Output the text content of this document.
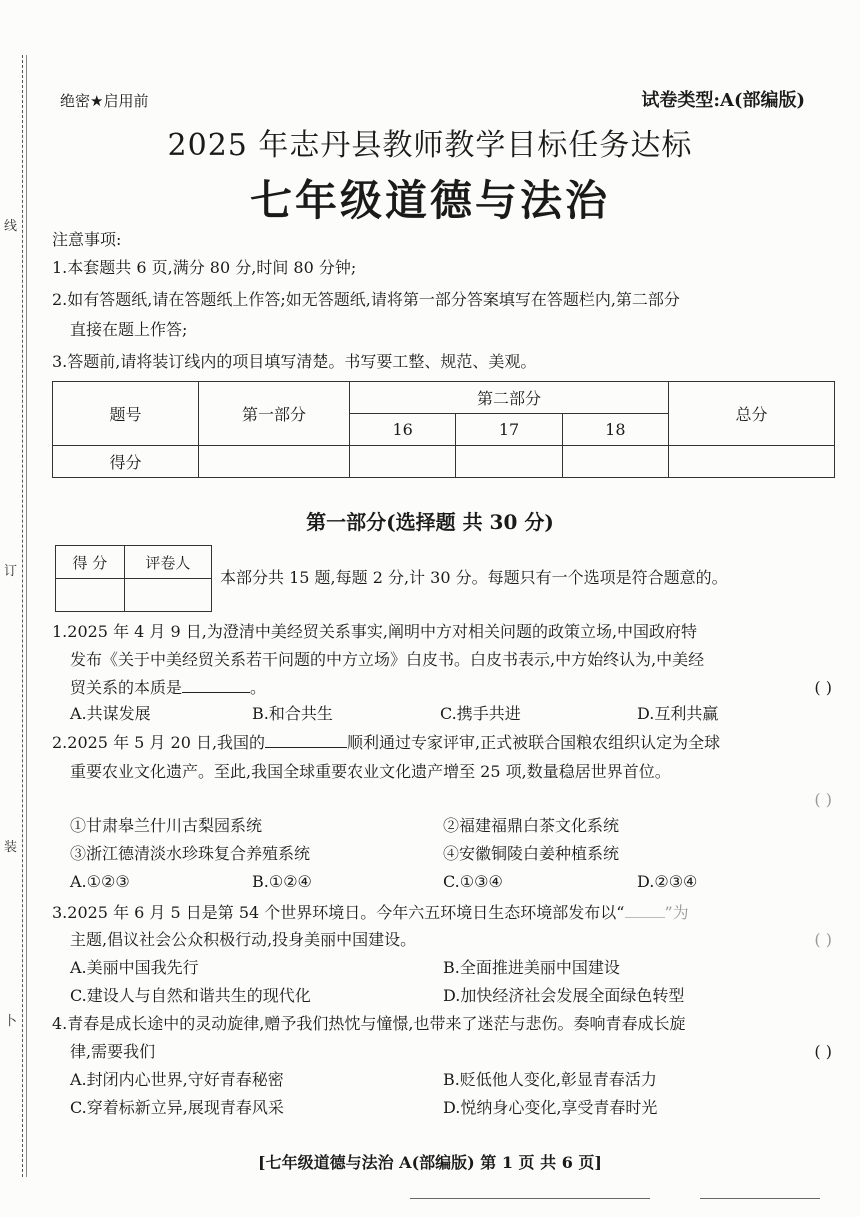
线
订
装
卜
绝密★启用前	试卷类型:A(部编版)
2025 年志丹县教师教学目标任务达标
七年级道德与法治
注意事项:
1.本套题共 6 页,满分 80 分,时间 80 分钟;
2.如有答题纸,请在答题纸上作答;如无答题纸,请将第一部分答案填写在答题栏内,第二部分
直接在题上作答;
3.答题前,请将装订线内的项目填写清楚。书写要工整、规范、美观。
题号	第一部分	第二部分			总分
		16	17	18	
得分					
第一部分(选择题 共 30 分)
得 分	评卷人

本部分共 15 题,每题 2 分,计 30 分。每题只有一个选项是符合题意的。
1.2025 年 4 月 9 日,为澄清中美经贸关系事实,阐明中方对相关问题的政策立场,中国政府特
发布《关于中美经贸关系若干问题的中方立场》白皮书。白皮书表示,中方始终认为,中美经
贸关系的本质是	。	( )
A.共谋发展	B.和合共生	C.携手共进	D.互利共赢
2.2025 年 5 月 20 日,我国的	顺利通过专家评审,正式被联合国粮农组织认定为全球
重要农业文化遗产。至此,我国全球重要农业文化遗产增至 25 项,数量稳居世界首位。
( )
①甘肃皋兰什川古梨园系统	②福建福鼎白茶文化系统
③浙江德清淡水珍珠复合养殖系统	④安徽铜陵白姜种植系统
A.①②③	B.①②④	C.①③④	D.②③④
3.2025 年 6 月 5 日是第 54 个世界环境日。今年六五环境日生态环境部发布以“	”为
主题,倡议社会公众积极行动,投身美丽中国建设。	( )
A.美丽中国我先行	B.全面推进美丽中国建设
C.建设人与自然和谐共生的现代化	D.加快经济社会发展全面绿色转型
4.青春是成长途中的灵动旋律,赠予我们热忱与憧憬,也带来了迷茫与悲伤。奏响青春成长旋
律,需要我们	( )
A.封闭内心世界,守好青春秘密	B.贬低他人变化,彰显青春活力
C.穿着标新立异,展现青春风采	D.悦纳身心变化,享受青春时光
[七年级道德与法治 A(部编版) 第 1 页 共 6 页]
